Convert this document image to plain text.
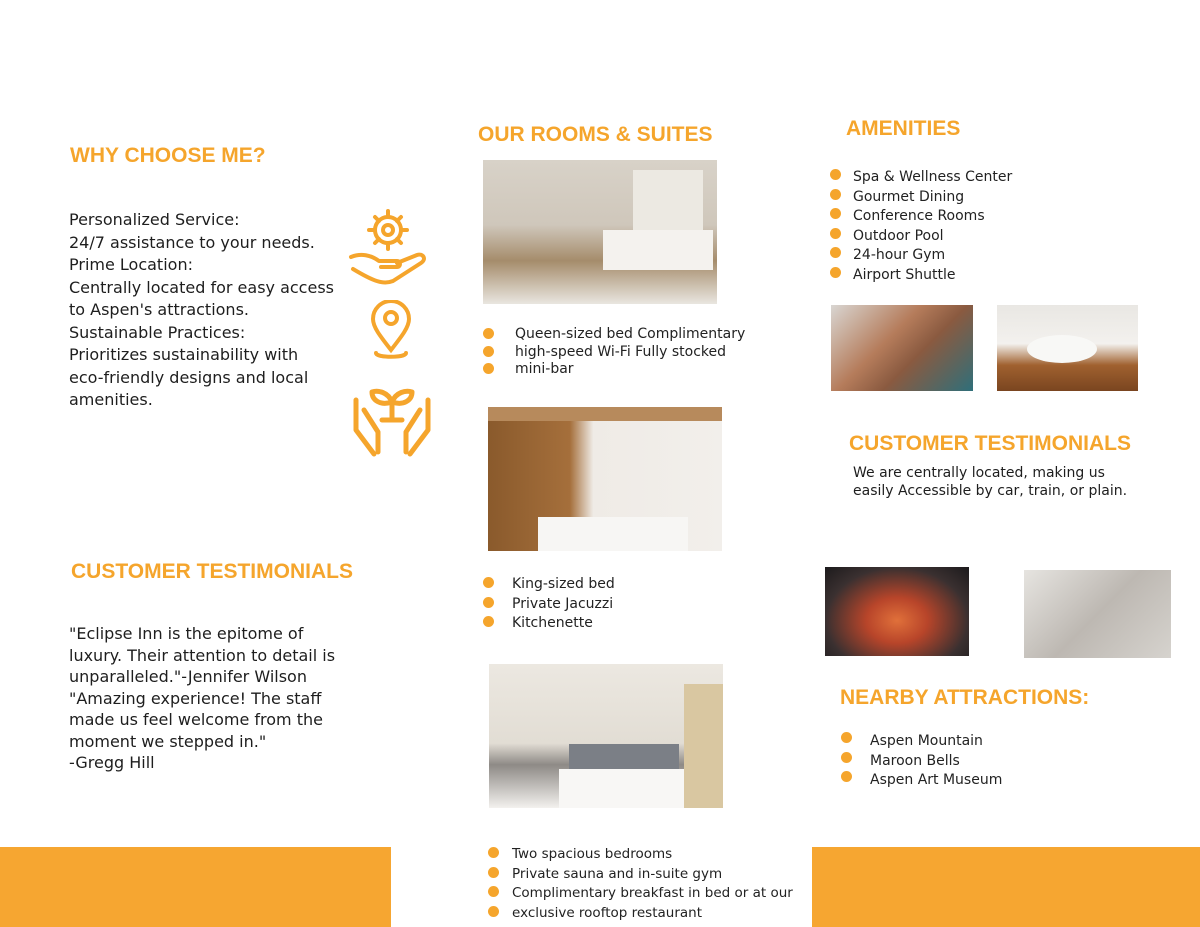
WHY CHOOSE ME?
Personalized Service:
24/7 assistance to your needs.
Prime Location:
Centrally located for easy access
to Aspen's attractions.
Sustainable Practices:
Prioritizes sustainability with
eco-friendly designs and local
amenities.
CUSTOMER TESTIMONIALS
"Eclipse Inn is the epitome of
luxury. Their attention to detail is
unparalleled."-Jennifer Wilson
"Amazing experience! The staff
made us feel welcome from the
moment we stepped in."
-Gregg Hill
OUR ROOMS & SUITES
Queen-sized bed Complimentary
high-speed Wi-Fi Fully stocked
mini-bar
King-sized bed
Private Jacuzzi
Kitchenette
Two spacious bedrooms
Private sauna and in-suite gym
Complimentary breakfast in bed or at our
exclusive rooftop restaurant
AMENITIES
Spa & Wellness Center
Gourmet Dining
Conference Rooms
Outdoor Pool
24-hour Gym
Airport Shuttle
CUSTOMER TESTIMONIALS
We are centrally located, making us
easily Accessible by car, train, or plain.
NEARBY ATTRACTIONS:
Aspen Mountain
Maroon Bells
Aspen Art Museum
